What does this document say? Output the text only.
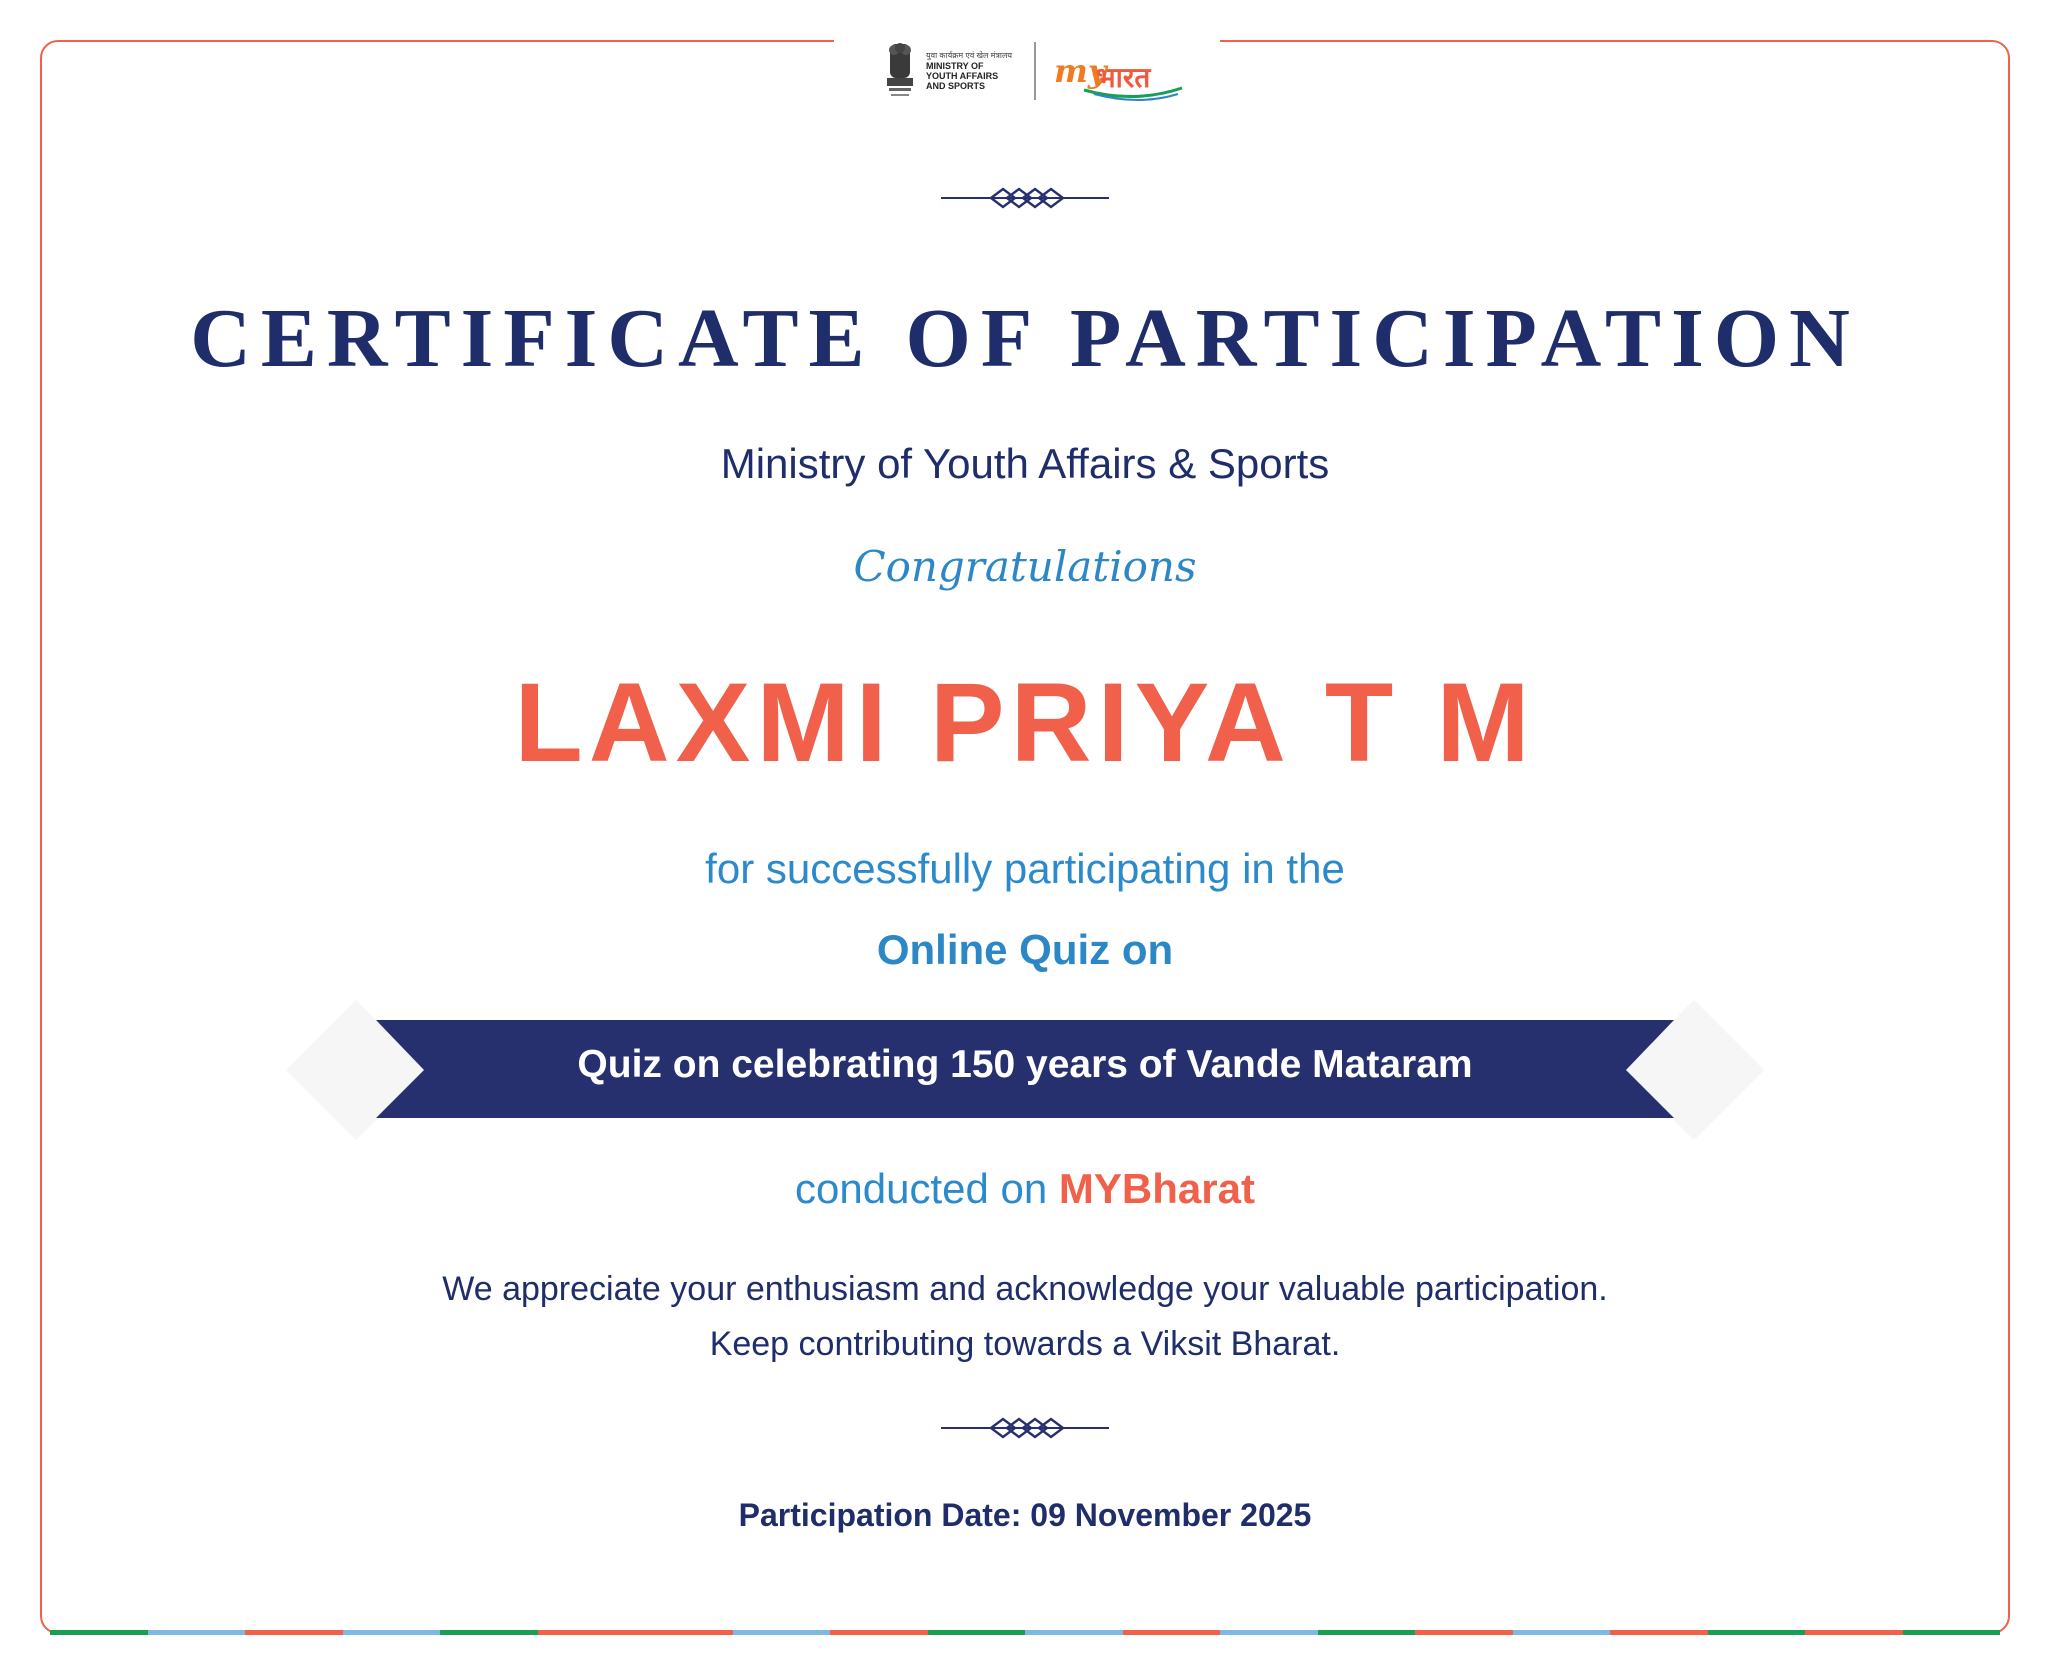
युवा कार्यक्रम एवं खेल मंत्रालय
MINISTRY OF YOUTH AFFAIRS AND SPORTS	my
भारत
CERTIFICATE OF PARTICIPATION
Ministry of Youth Affairs & Sports
Congratulations
LAXMI PRIYA T M
for successfully participating in the
Online Quiz on
Quiz on celebrating 150 years of Vande Mataram
conducted on MYBharat
We appreciate your enthusiasm and acknowledge your valuable participation.
Keep contributing towards a Viksit Bharat.
Participation Date: 09 November 2025
